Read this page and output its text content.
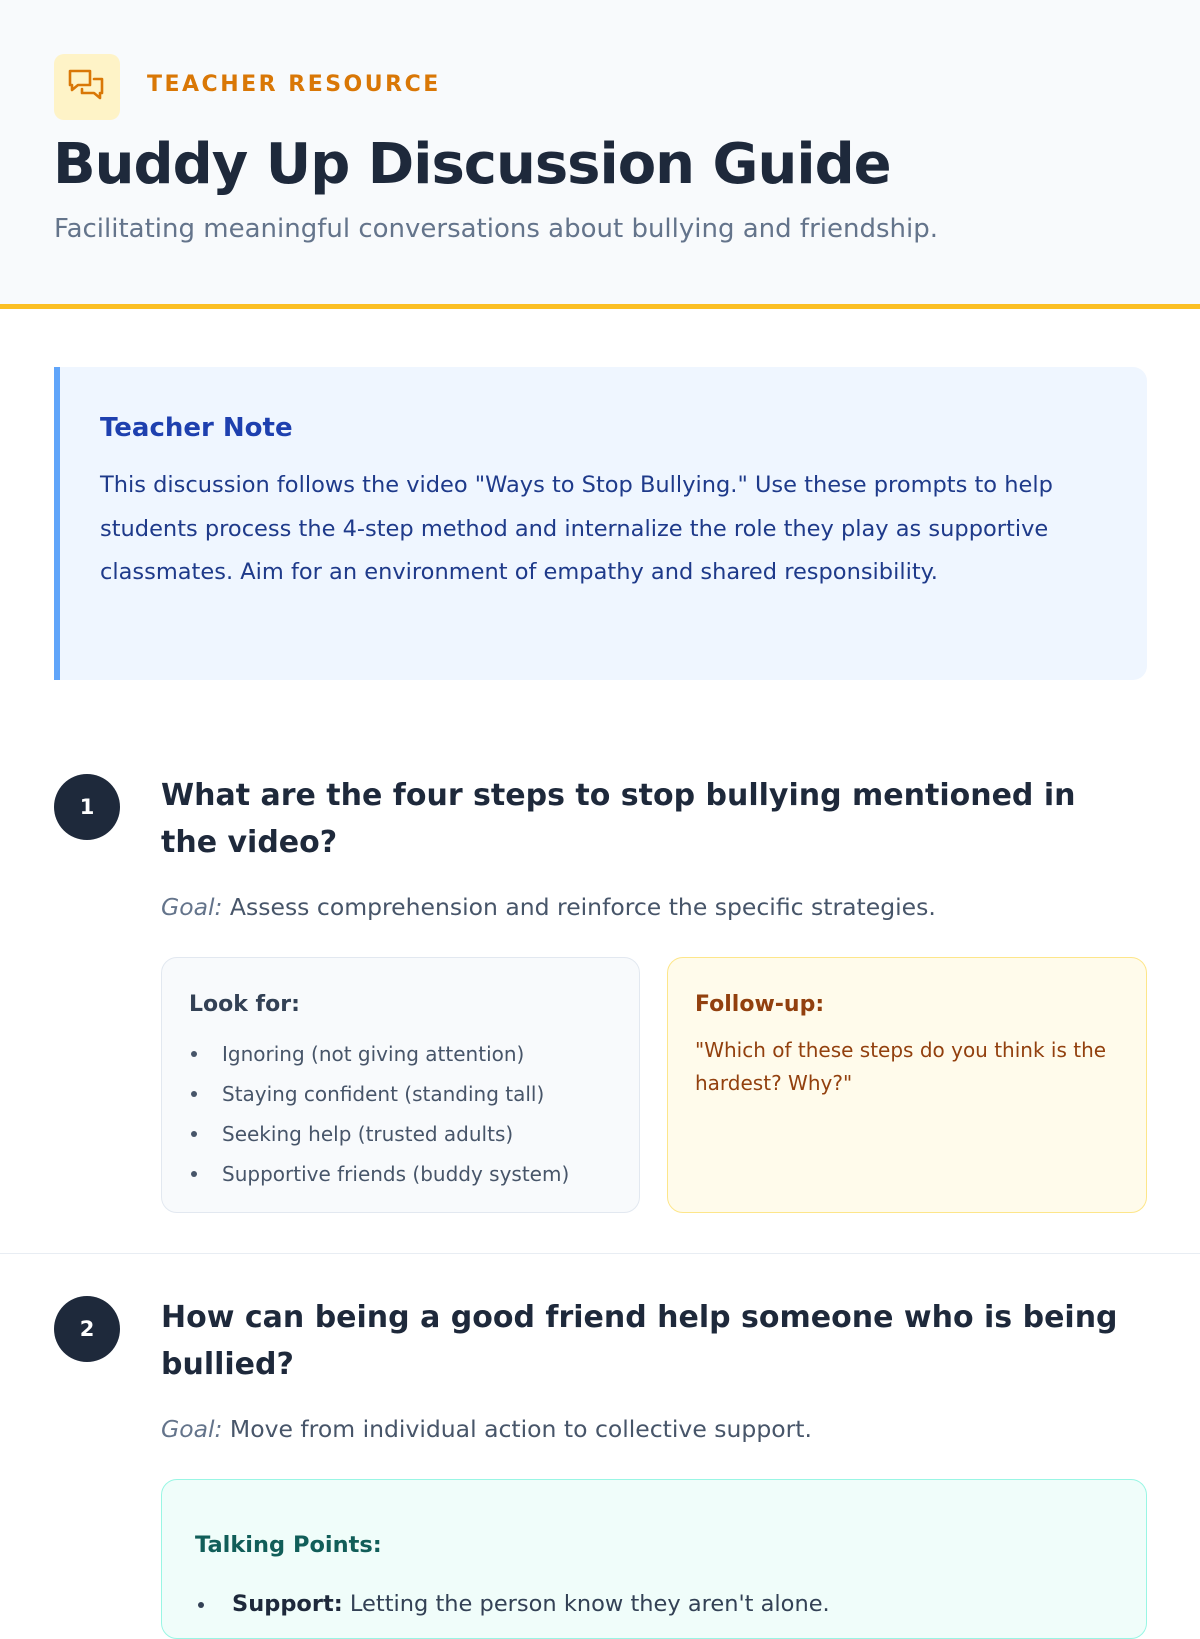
TEACHER RESOURCE
Buddy Up Discussion Guide

Facilitating meaningful conversations about bullying and friendship.

Teacher Note

This discussion follows the video "Ways to Stop Bullying." Use these prompts to help students process the 4-step method and internalize the role they play as supportive classmates. Aim for an environment of empathy and shared responsibility.

1	What are the four steps to stop bullying mentioned in the video?

Goal: Assess comprehension and reinforce the specific strategies.

Look for:
Ignoring (not giving attention)
Staying confident (standing tall)
Seeking help (trusted adults)
Supportive friends (buddy system)
Follow-up:

"Which of these steps do you think is the hardest? Why?"

2	How can being a good friend help someone who is being bullied?

Goal: Move from individual action to collective support.

Talking Points:
Support: Letting the person know they aren't alone.
